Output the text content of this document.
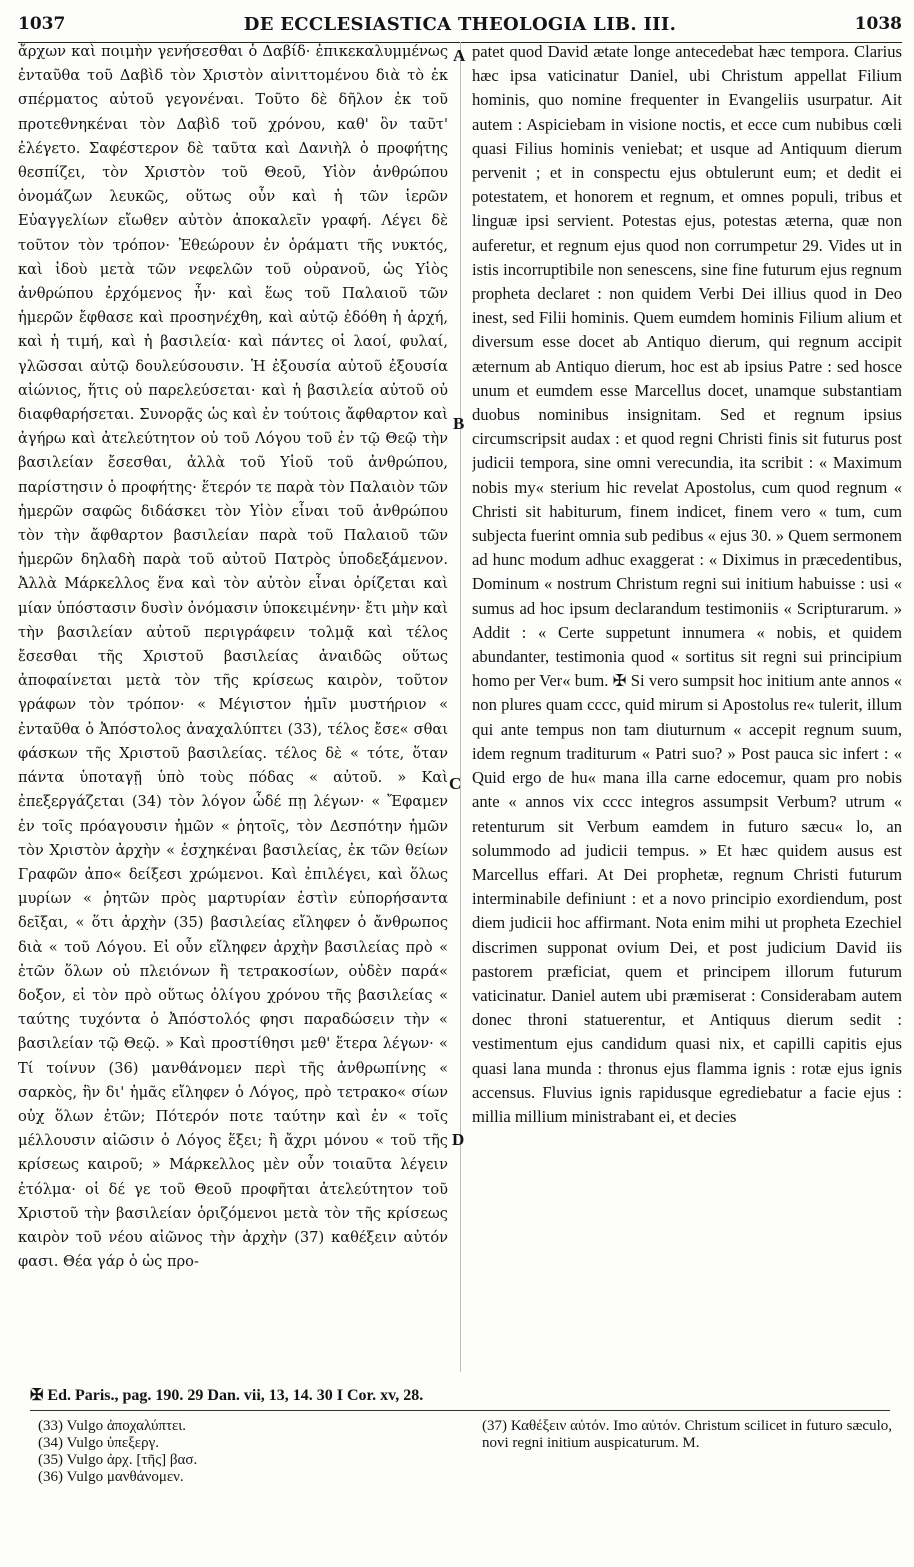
1037	DE ECCLESIASTICA THEOLOGIA LIB. III.	1038

ἄρχων καὶ ποιμὴν γενήσεσθαι ὁ Δαβίδ· ἐπικεκαλυμμένως ἐνταῦθα τοῦ Δαβὶδ τὸν Χριστὸν αἰνιττομένου διὰ τὸ ἐκ σπέρματος αὐτοῦ γεγονέναι. Τοῦτο δὲ δῆλον ἐκ τοῦ προτεθνηκέναι τὸν Δαβὶδ τοῦ χρόνου, καθ' ὃν ταῦτ' ἐλέγετο. Σαφέστερον δὲ ταῦτα καὶ Δανιὴλ ὁ προφήτης θεσπίζει, τὸν Χριστὸν τοῦ Θεοῦ, Υἱὸν ἀνθρώπου ὀνομάζων λευκῶς, οὕτως οὖν καὶ ἡ τῶν ἱερῶν Εὐαγγελίων εἴωθεν αὐτὸν ἀποκαλεῖν γραφή. Λέγει δὲ τοῦτον τὸν τρόπον· Ἐθεώρουν ἐν ὁράματι τῆς νυκτός, καὶ ἰδοὺ μετὰ τῶν νεφελῶν τοῦ οὐρανοῦ, ὡς Υἱὸς ἀνθρώπου ἐρχόμενος ἦν· καὶ ἕως τοῦ Παλαιοῦ τῶν ἡμερῶν ἔφθασε καὶ προσηνέχθη, καὶ αὐτῷ ἐδόθη ἡ ἀρχή, καὶ ἡ τιμή, καὶ ἡ βασιλεία· καὶ πάντες οἱ λαοί, φυλαί, γλῶσσαι αὐτῷ δουλεύσουσιν. Ἡ ἐξουσία αὐτοῦ ἐξουσία αἰώνιος, ἥτις οὐ παρελεύσεται· καὶ ἡ βασιλεία αὐτοῦ οὐ διαφθαρήσεται. Συνορᾷς ὡς καὶ ἐν τούτοις ἄφθαρτον καὶ ἀγήρω καὶ ἀτελεύτητον οὐ τοῦ Λόγου τοῦ ἐν τῷ Θεῷ τὴν βασιλείαν ἔσεσθαι, ἀλλὰ τοῦ Υἱοῦ τοῦ ἀνθρώπου, παρίστησιν ὁ προφήτης· ἕτερόν τε παρὰ τὸν Παλαιὸν τῶν ἡμερῶν σαφῶς διδάσκει τὸν Υἱὸν εἶναι τοῦ ἀνθρώπου τὸν τὴν ἄφθαρτον βασιλείαν παρὰ τοῦ Παλαιοῦ τῶν ἡμερῶν δηλαδὴ παρὰ τοῦ αὐτοῦ Πατρὸς ὑποδεξάμενον. Ἀλλὰ Μάρκελλος ἕνα καὶ τὸν αὐτὸν εἶναι ὁρίζεται καὶ μίαν ὑπόστασιν δυσὶν ὀνόμασιν ὑποκειμένην· ἔτι μὴν καὶ τὴν βασιλείαν αὐτοῦ περιγράφειν τολμᾷ καὶ τέλος ἔσεσθαι τῆς Χριστοῦ βασιλείας ἀναιδῶς οὕτως ἀποφαίνεται μετὰ τὸν τῆς κρίσεως καιρὸν, τοῦτον γράφων τὸν τρόπον· « Μέγιστον ἡμῖν μυστήριον « ἐνταῦθα ὁ Ἀπόστολος ἀναχαλύπτει (33), τέλος ἔσε« σθαι φάσκων τῆς Χριστοῦ βασιλείας. τέλος δὲ « τότε, ὅταν πάντα ὑποταγῇ ὑπὸ τοὺς πόδας « αὐτοῦ. » Καὶ ἐπεξεργάζεται (34) τὸν λόγον ὧδέ πῃ λέγων· « Ἔφαμεν ἐν τοῖς πρόαγουσιν ἡμῶν « ῥητοῖς, τὸν Δεσπότην ἡμῶν τὸν Χριστὸν ἀρχὴν « ἐσχηκέναι βασιλείας, ἐκ τῶν θείων Γραφῶν ἀπο« δείξεσι χρώμενοι. Καὶ ἐπιλέγει, καὶ ὅλως μυρίων « ῥητῶν πρὸς μαρτυρίαν ἐστὶν εὐπορήσαντα δεῖξαι, « ὅτι ἀρχὴν (35) βασιλείας εἴληφεν ὁ ἄνθρωπος διὰ « τοῦ Λόγου. Εἰ οὖν εἴληφεν ἀρχὴν βασιλείας πρὸ « ἐτῶν ὅλων οὐ πλειόνων ἢ τετρακοσίων, οὐδὲν παρά« δοξον, εἰ τὸν πρὸ οὕτως ὀλίγου χρόνου τῆς βασιλείας « ταύτης τυχόντα ὁ Ἀπόστολός φησι παραδώσειν τὴν « βασιλείαν τῷ Θεῷ. » Καὶ προστίθησι μεθ' ἕτερα λέγων· « Τί τοίνυν (36) μανθάνομεν περὶ τῆς ἀνθρωπίνης « σαρκὸς, ἣν δι' ἡμᾶς εἴληφεν ὁ Λόγος, πρὸ τετρακο« σίων οὐχ ὅλων ἐτῶν; Πότερόν ποτε ταύτην καὶ ἐν « τοῖς μέλλουσιν αἰῶσιν ὁ Λόγος ἕξει; ἢ ἄχρι μόνου « τοῦ τῆς κρίσεως καιροῦ; » Μάρκελλος μὲν οὖν τοιαῦτα λέγειν ἐτόλμα· οἱ δέ γε τοῦ Θεοῦ προφῆται ἀτελεύτητον τοῦ Χριστοῦ τὴν βασιλείαν ὁριζόμενοι μετὰ τὸν τῆς κρίσεως καιρὸν τοῦ νέου αἰῶνος τὴν ἀρχὴν (37) καθέξειν αὐτόν φασι. Θέα γάρ ὁ ὡς προ-

A
B
C
D

patet quod David ætate longe antecedebat hæc tempora. Clarius hæc ipsa vaticinatur Daniel, ubi Christum appellat Filium hominis, quo nomine frequenter in Evangeliis usurpatur. Ait autem : Aspiciebam in visione noctis, et ecce cum nubibus cœli quasi Filius hominis veniebat; et usque ad Antiquum dierum pervenit ; et in conspectu ejus obtulerunt eum; et dedit ei potestatem, et honorem et regnum, et omnes populi, tribus et linguæ ipsi servient. Potestas ejus, potestas æterna, quæ non auferetur, et regnum ejus quod non corrumpetur 29. Vides ut in istis incorruptibile non senescens, sine fine futurum ejus regnum propheta declaret : non quidem Verbi Dei illius quod in Deo inest, sed Filii hominis. Quem eumdem hominis Filium alium et diversum esse docet ab Antiquo dierum, qui regnum accipit æternum ab Antiquo dierum, hoc est ab ipsius Patre : sed hosce unum et eumdem esse Marcellus docet, unamque substantiam duobus nominibus insignitam. Sed et regnum ipsius circumscripsit audax : et quod regni Christi finis sit futurus post judicii tempora, sine omni verecundia, ita scribit : « Maximum nobis my« sterium hic revelat Apostolus, cum quod regnum « Christi sit habiturum, finem indicet, finem vero « tum, cum subjecta fuerint omnia sub pedibus « ejus 30. » Quem sermonem ad hunc modum adhuc exaggerat : « Diximus in præcedentibus, Dominum « nostrum Christum regni sui initium habuisse : usi « sumus ad hoc ipsum declarandum testimoniis « Scripturarum. » Addit : « Certe suppetunt innumera « nobis, et quidem abundanter, testimonia quod « sortitus sit regni sui principium homo per Ver« bum. ✠ Si vero sumpsit hoc initium ante annos « non plures quam cccc, quid mirum si Apostolus re« tulerit, illum qui ante tempus non tam diuturnum « accepit regnum suum, idem regnum traditurum « Patri suo? » Post pauca sic infert : « Quid ergo de hu« mana illa carne edocemur, quam pro nobis ante « annos vix cccc integros assumpsit Verbum? utrum « retenturum sit Verbum eamdem in futuro sæcu« lo, an solummodo ad judicii tempus. » Et hæc quidem ausus est Marcellus effari. At Dei prophetæ, regnum Christi futurum interminabile definiunt : et a novo principio exordiendum, post diem judicii hoc affirmant. Nota enim mihi ut propheta Ezechiel discrimen supponat ovium Dei, et post judicium David iis pastorem præficiat, quem et principem illorum futurum vaticinatur. Daniel autem ubi præmiserat : Considerabam autem donec throni statuerentur, et Antiquus dierum sedit : vestimentum ejus candidum quasi nix, et capilli capitis ejus quasi lana munda : thronus ejus flamma ignis : rotæ ejus ignis accensus. Fluvius ignis rapidusque egrediebatur a facie ejus : millia millium ministrabant ei, et decies

✠ Ed. Paris., pag. 190. 29 Dan. vii, 13, 14. 30 I Cor. xv, 28.
(33) Vulgo ἀποχαλύπτει.
(34) Vulgo ὑπεξεργ.
(35) Vulgo ἀρχ. [τῆς] βασ.
(36) Vulgo μανθάνομεν.
(37) Καθέξειν αὐτόν. Imo αὐτόν. Christum scilicet in futuro sæculo, novi regni initium auspicaturum. M.
